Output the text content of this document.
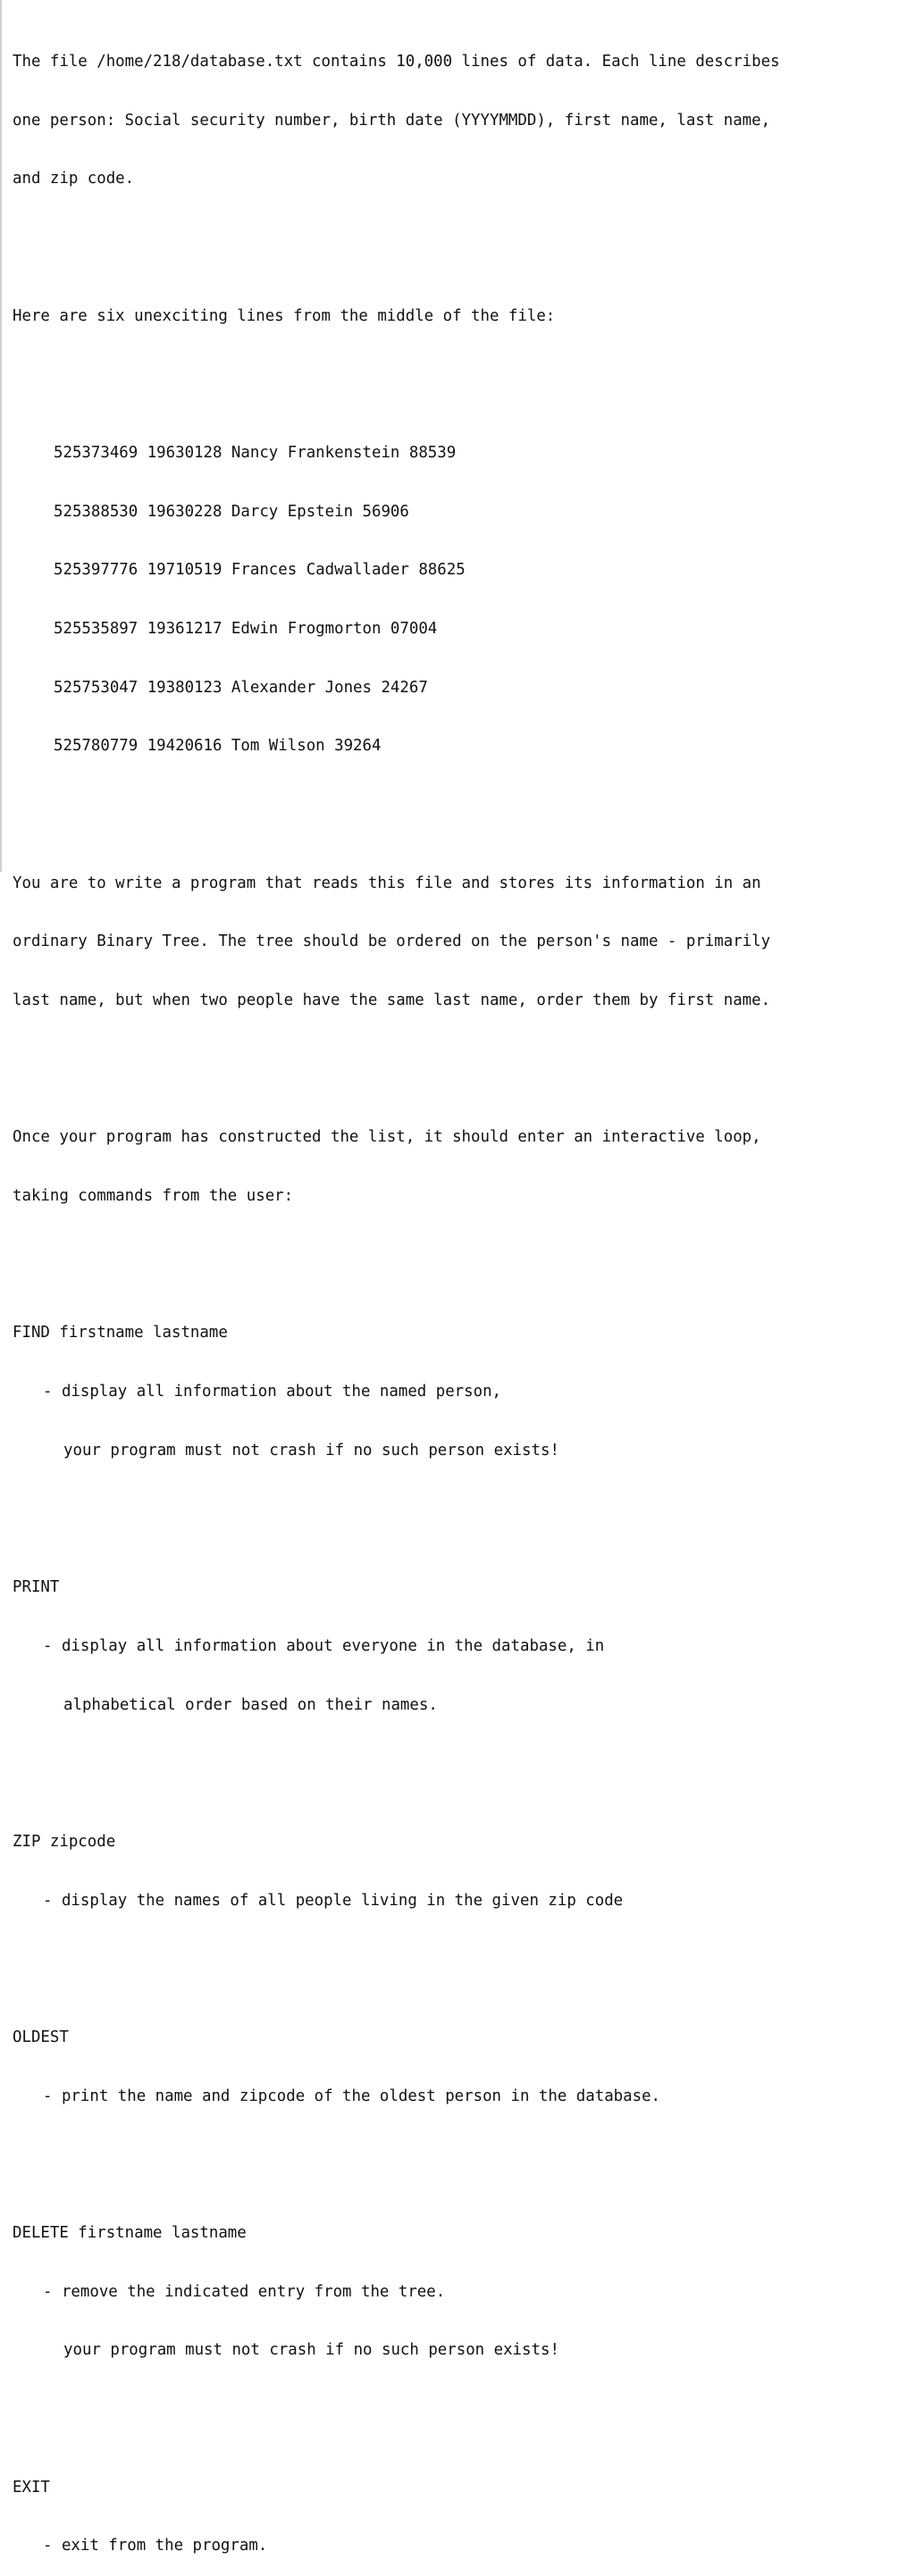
The file /home/218/database.txt contains 10,000 lines of data. Each line describes

one person: Social security number, birth date (YYYYMMDD), first name, last name,

and zip code.

Here are six unexciting lines from the middle of the file:

525373469 19630128 Nancy Frankenstein 88539

525388530 19630228 Darcy Epstein 56906

525397776 19710519 Frances Cadwallader 88625

525535897 19361217 Edwin Frogmorton 07004

525753047 19380123 Alexander Jones 24267

525780779 19420616 Tom Wilson 39264

You are to write a program that reads this file and stores its information in an

ordinary Binary Tree. The tree should be ordered on the person's name - primarily

last name, but when two people have the same last name, order them by first name.

Once your program has constructed the list, it should enter an interactive loop,

taking commands from the user:

FIND firstname lastname

- display all information about the named person,

your program must not crash if no such person exists!

PRINT

- display all information about everyone in the database, in

alphabetical order based on their names.

ZIP zipcode

- display the names of all people living in the given zip code

OLDEST

- print the name and zipcode of the oldest person in the database.

DELETE firstname lastname

- remove the indicated entry from the tree.

your program must not crash if no such person exists!

EXIT

- exit from the program.
